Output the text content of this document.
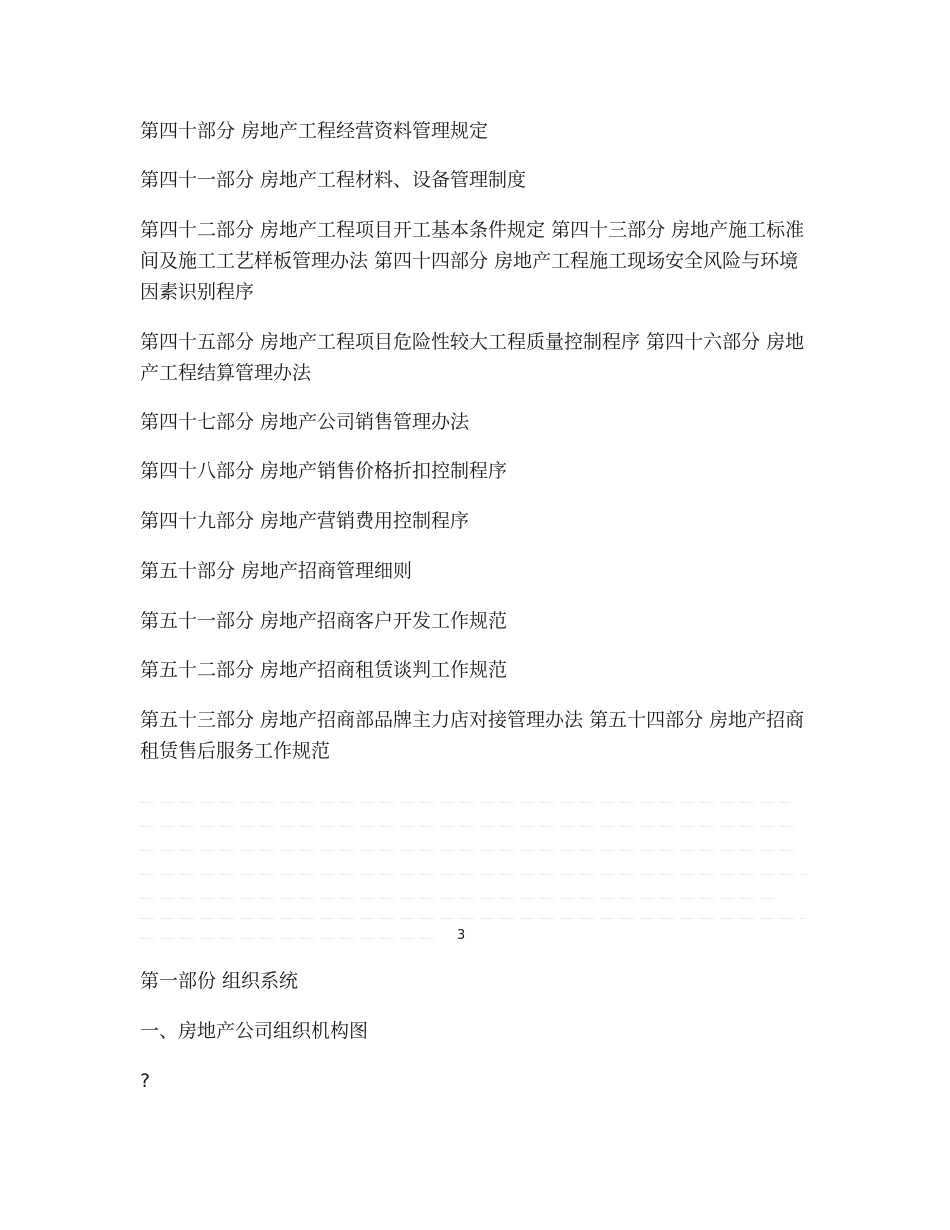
第四十部分 房地产工程经营资料管理规定

第四十一部分 房地产工程材料、设备管理制度

第四十二部分 房地产工程项目开工基本条件规定 第四十三部分 房地产施工标准间及施工工艺样板管理办法 第四十四部分 房地产工程施工现场安全风险与环境因素识别程序

第四十五部分 房地产工程项目危险性较大工程质量控制程序 第四十六部分 房地产工程结算管理办法

第四十七部分 房地产公司销售管理办法

第四十八部分 房地产销售价格折扣控制程序

第四十九部分 房地产营销费用控制程序

第五十部分 房地产招商管理细则

第五十一部分 房地产招商客户开发工作规范

第五十二部分 房地产招商租赁谈判工作规范

第五十三部分 房地产招商部品牌主力店对接管理办法 第五十四部分 房地产招商租赁售后服务工作规范

3

第一部份 组织系统

一、房地产公司组织机构图

?
